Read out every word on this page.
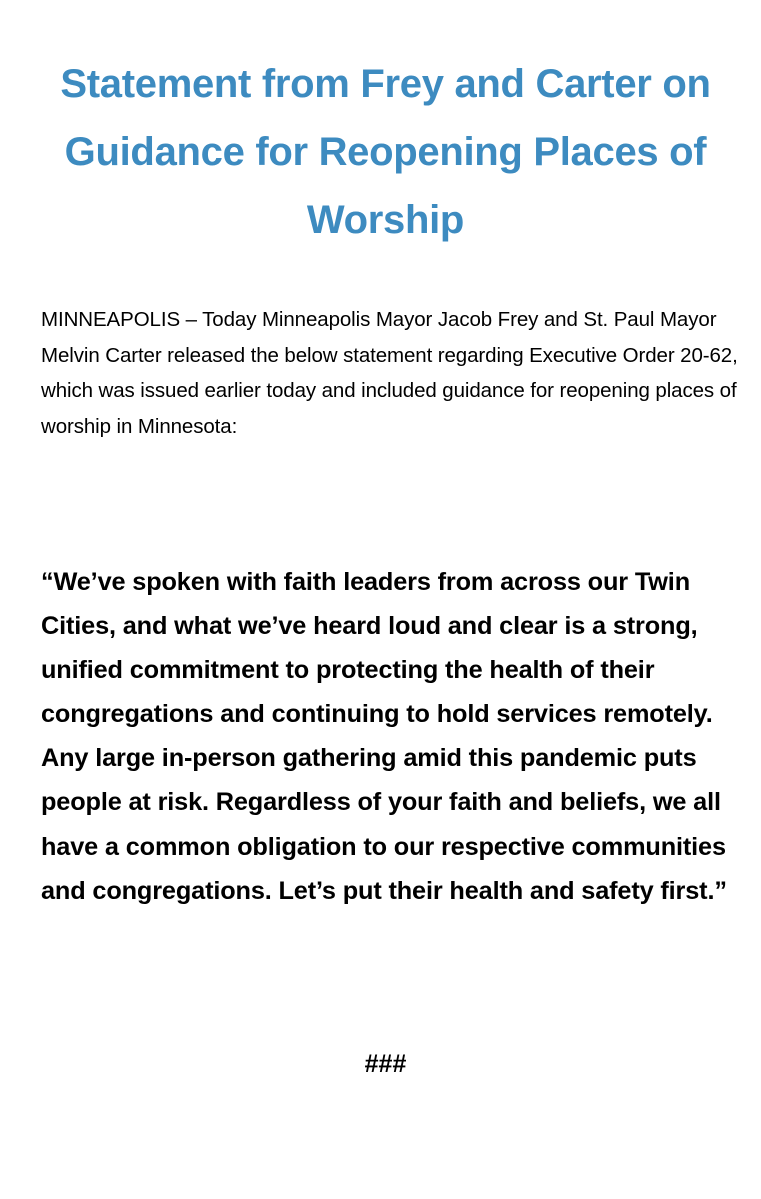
Statement from Frey and Carter on Guidance for Reopening Places of Worship

MINNEAPOLIS – Today Minneapolis Mayor Jacob Frey and St. Paul Mayor Melvin Carter released the below statement regarding Executive Order 20-62, which was issued earlier today and included guidance for reopening places of worship in Minnesota:

“We’ve spoken with faith leaders from across our Twin Cities, and what we’ve heard loud and clear is a strong, unified commitment to protecting the health of their congregations and continuing to hold services remotely. Any large in-person gathering amid this pandemic puts people at risk. Regardless of your faith and beliefs, we all have a common obligation to our respective communities and congregations. Let’s put their health and safety first.”

###
